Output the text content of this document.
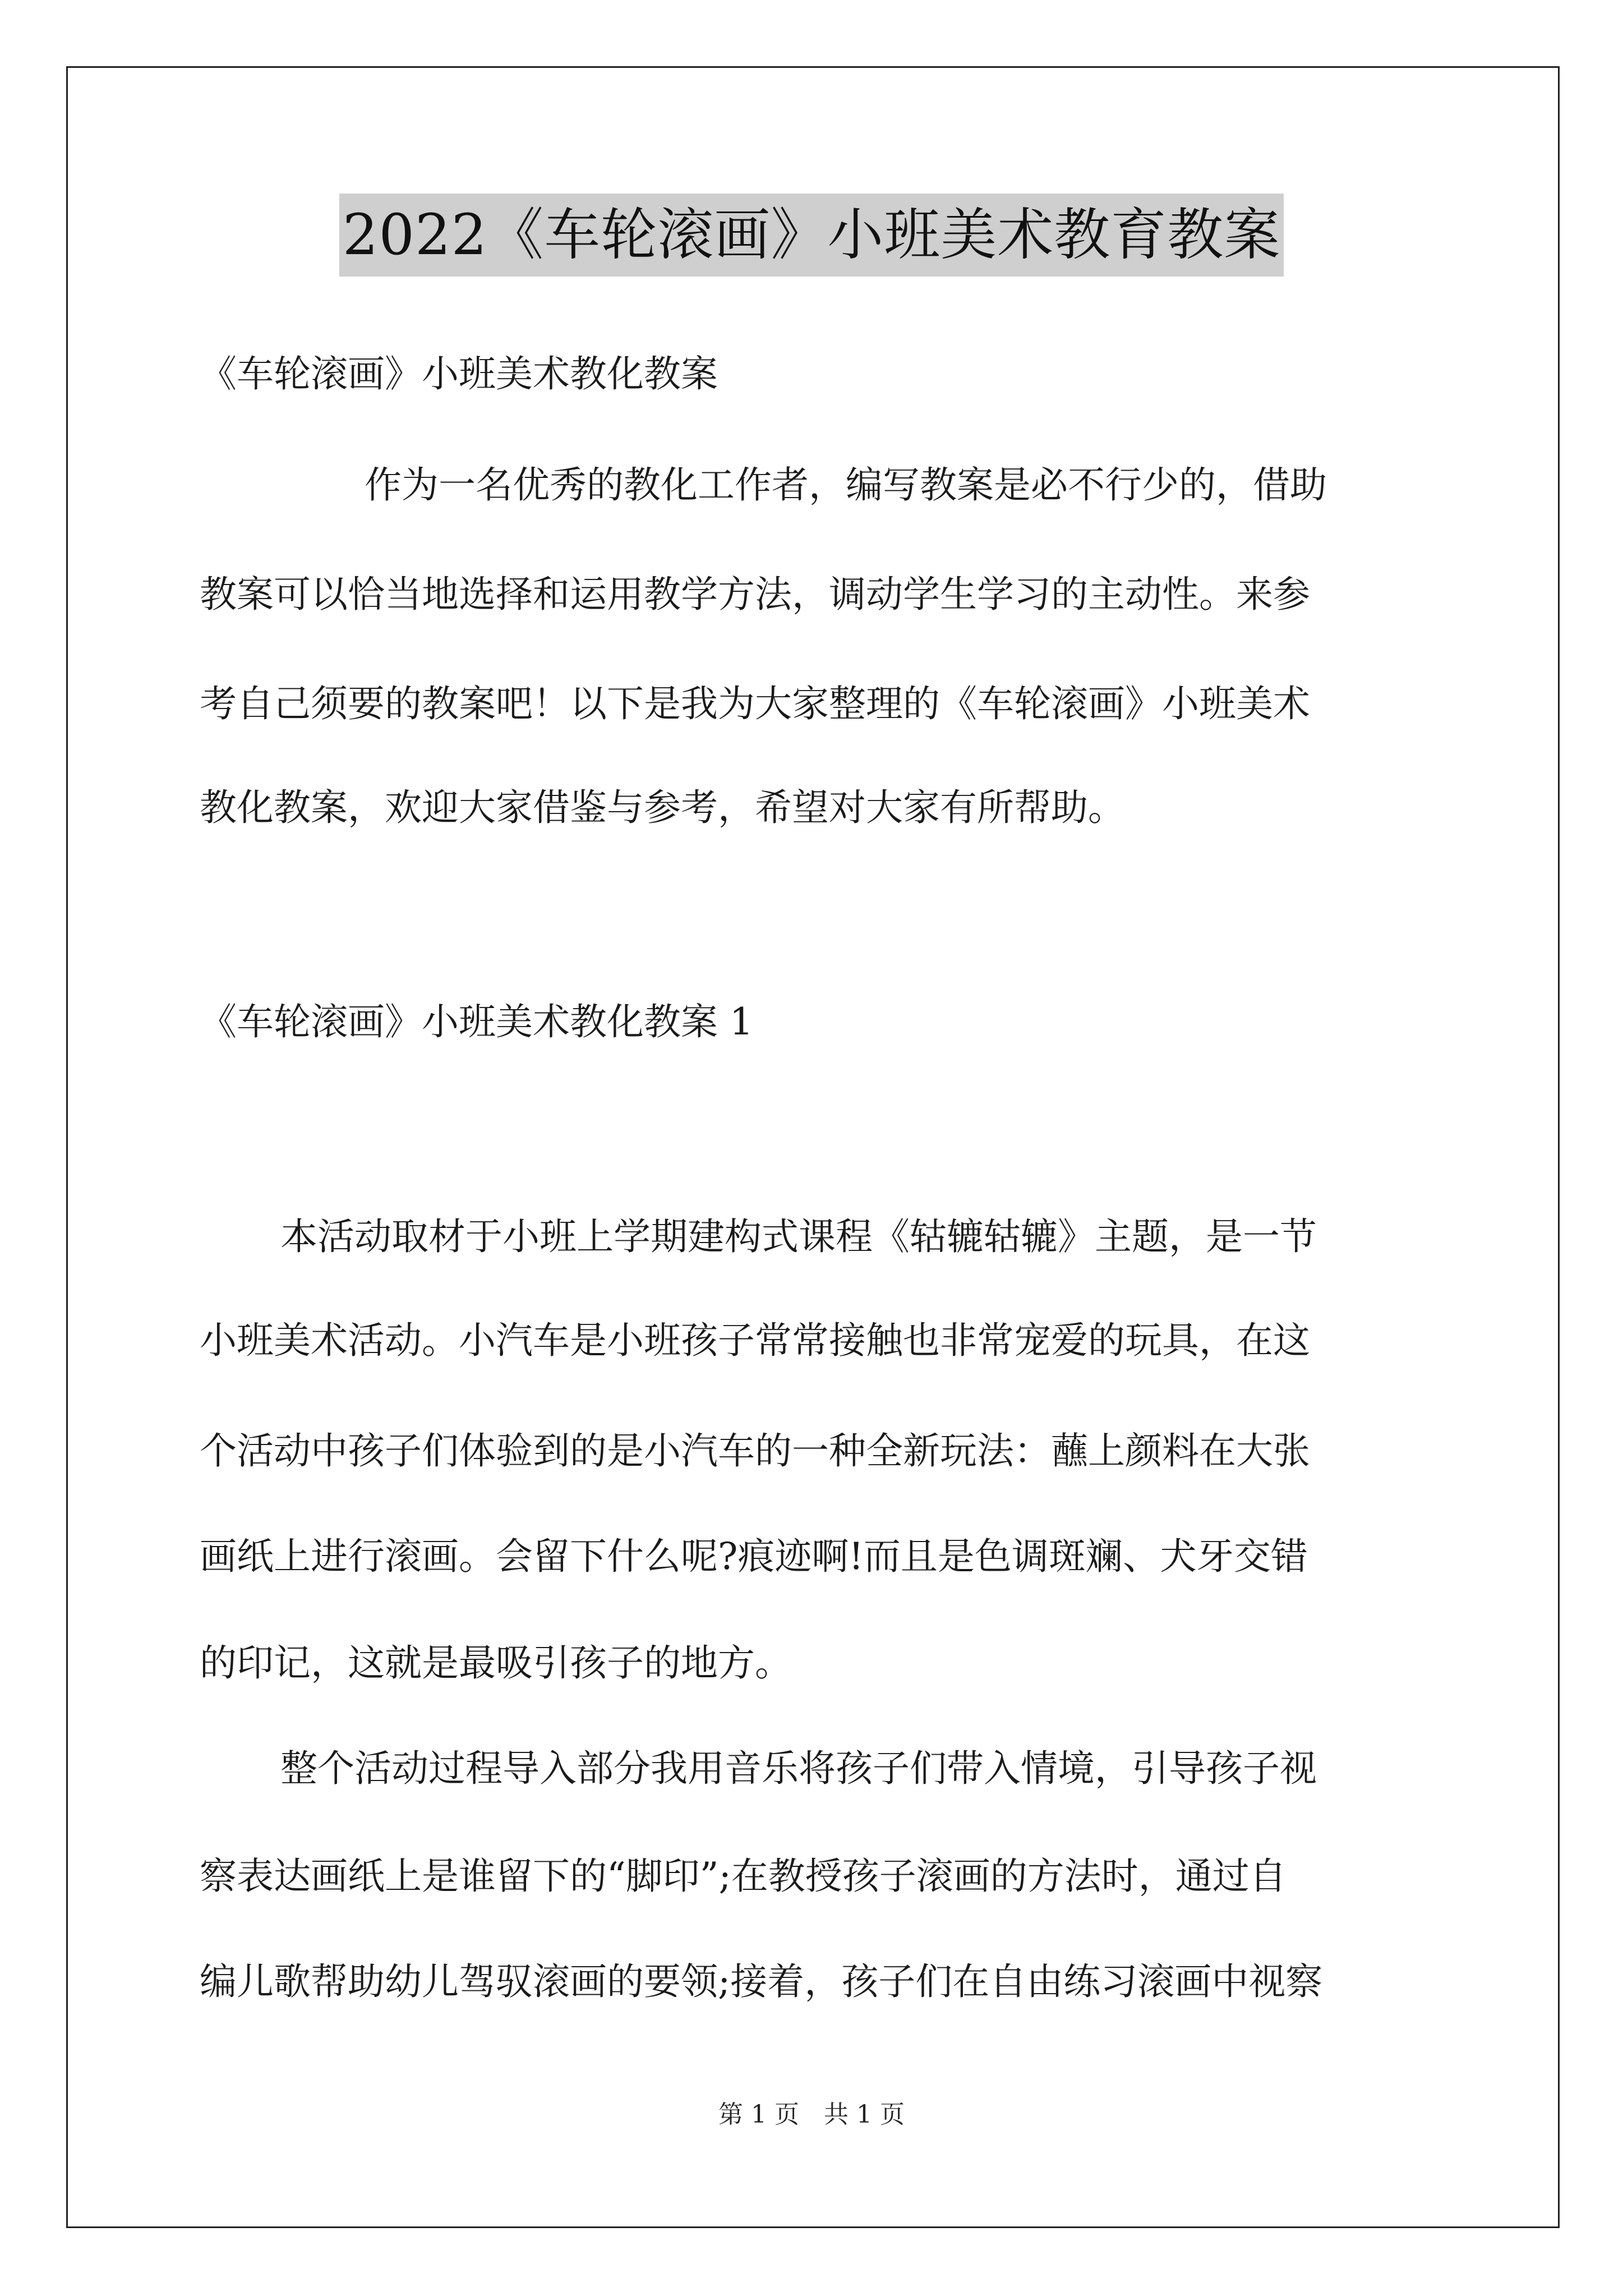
2022《车轮滚画》小班美术教育教案
《车轮滚画》小班美术教化教案
作为一名优秀的教化工作者，编写教案是必不行少的，借助
教案可以恰当地选择和运用教学方法，调动学生学习的主动性。来参
考自己须要的教案吧！以下是我为大家整理的《车轮滚画》小班美术
教化教案，欢迎大家借鉴与参考，希望对大家有所帮助。
《车轮滚画》小班美术教化教案 1
本活动取材于小班上学期建构式课程《轱辘轱辘》主题，是一节
小班美术活动。小汽车是小班孩子常常接触也非常宠爱的玩具，在这
个活动中孩子们体验到的是小汽车的一种全新玩法：蘸上颜料在大张
画纸上进行滚画。会留下什么呢?痕迹啊!而且是色调斑斓、犬牙交错
的印记，这就是最吸引孩子的地方。
整个活动过程导入部分我用音乐将孩子们带入情境，引导孩子视
察表达画纸上是谁留下的“脚印”;在教授孩子滚画的方法时，通过自
编儿歌帮助幼儿驾驭滚画的要领;接着，孩子们在自由练习滚画中视察
第 1 页　共 1 页
